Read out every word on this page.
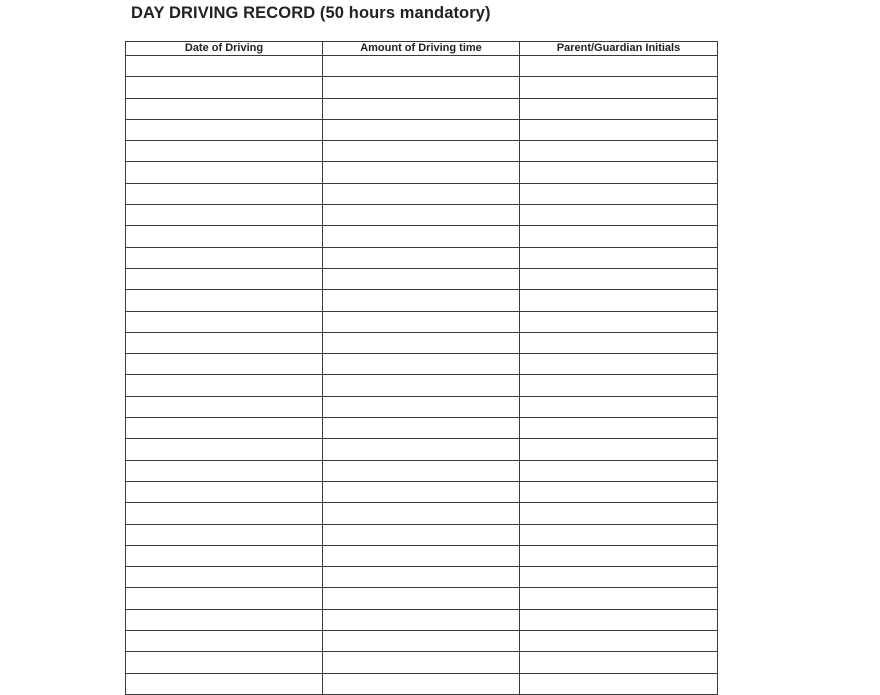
DAY DRIVING RECORD (50 hours mandatory)
Date of Driving	Amount of Driving time	Parent/Guardian Initials
